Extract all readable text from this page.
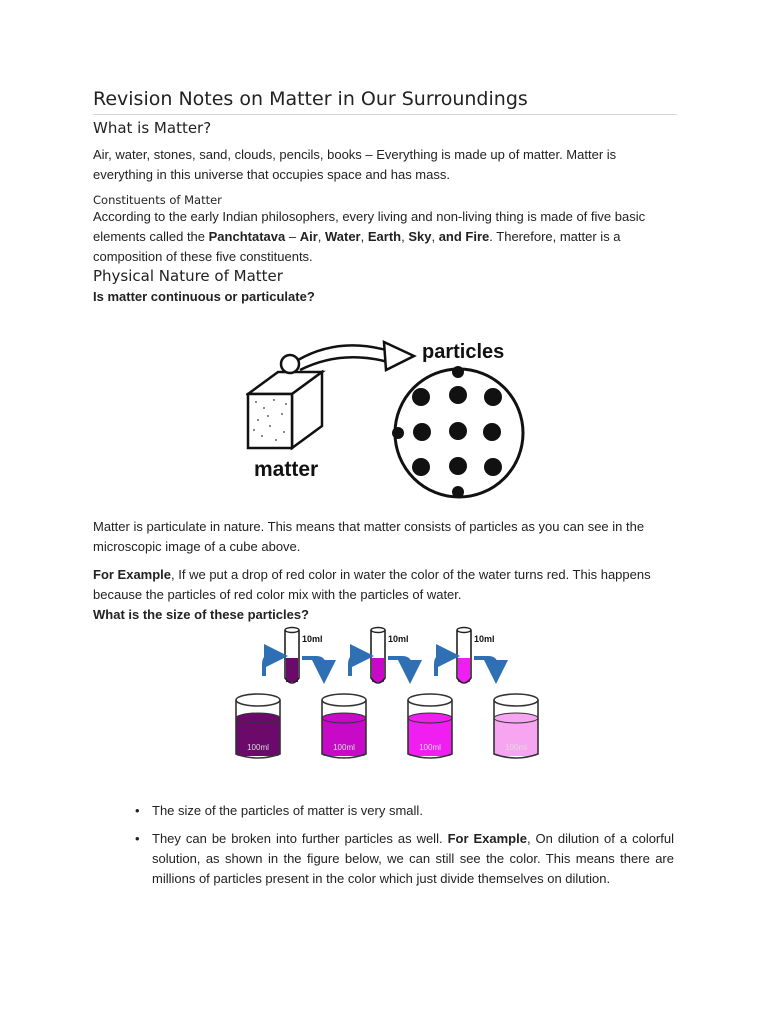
Revision Notes on Matter in Our Surroundings
What is Matter?

Air, water, stones, sand, clouds, pencils, books – Everything is made up of matter. Matter is everything in this universe that occupies space and has mass.

Constituents of Matter

According to the early Indian philosophers, every living and non-living thing is made of five basic elements called the Panchtatava – Air, Water, Earth, Sky, and Fire. Therefore, matter is a composition of these five constituents.

Physical Nature of Matter

Is matter continuous or particulate?

matter
particles

Matter is particulate in nature. This means that matter consists of particles as you can see in the microscopic image of a cube above.

For Example, If we put a drop of red color in water the color of the water turns red. This happens because the particles of red color mix with the particles of water.

What is the size of these particles?

10ml	10ml	10ml
100ml	100ml	100ml	100ml
• The size of the particles of matter is very small.
• They can be broken into further particles as well. For Example, On dilution of a colorful solution, as shown in the figure below, we can still see the color. This means there are millions of particles present in the color which just divide themselves on dilution.
